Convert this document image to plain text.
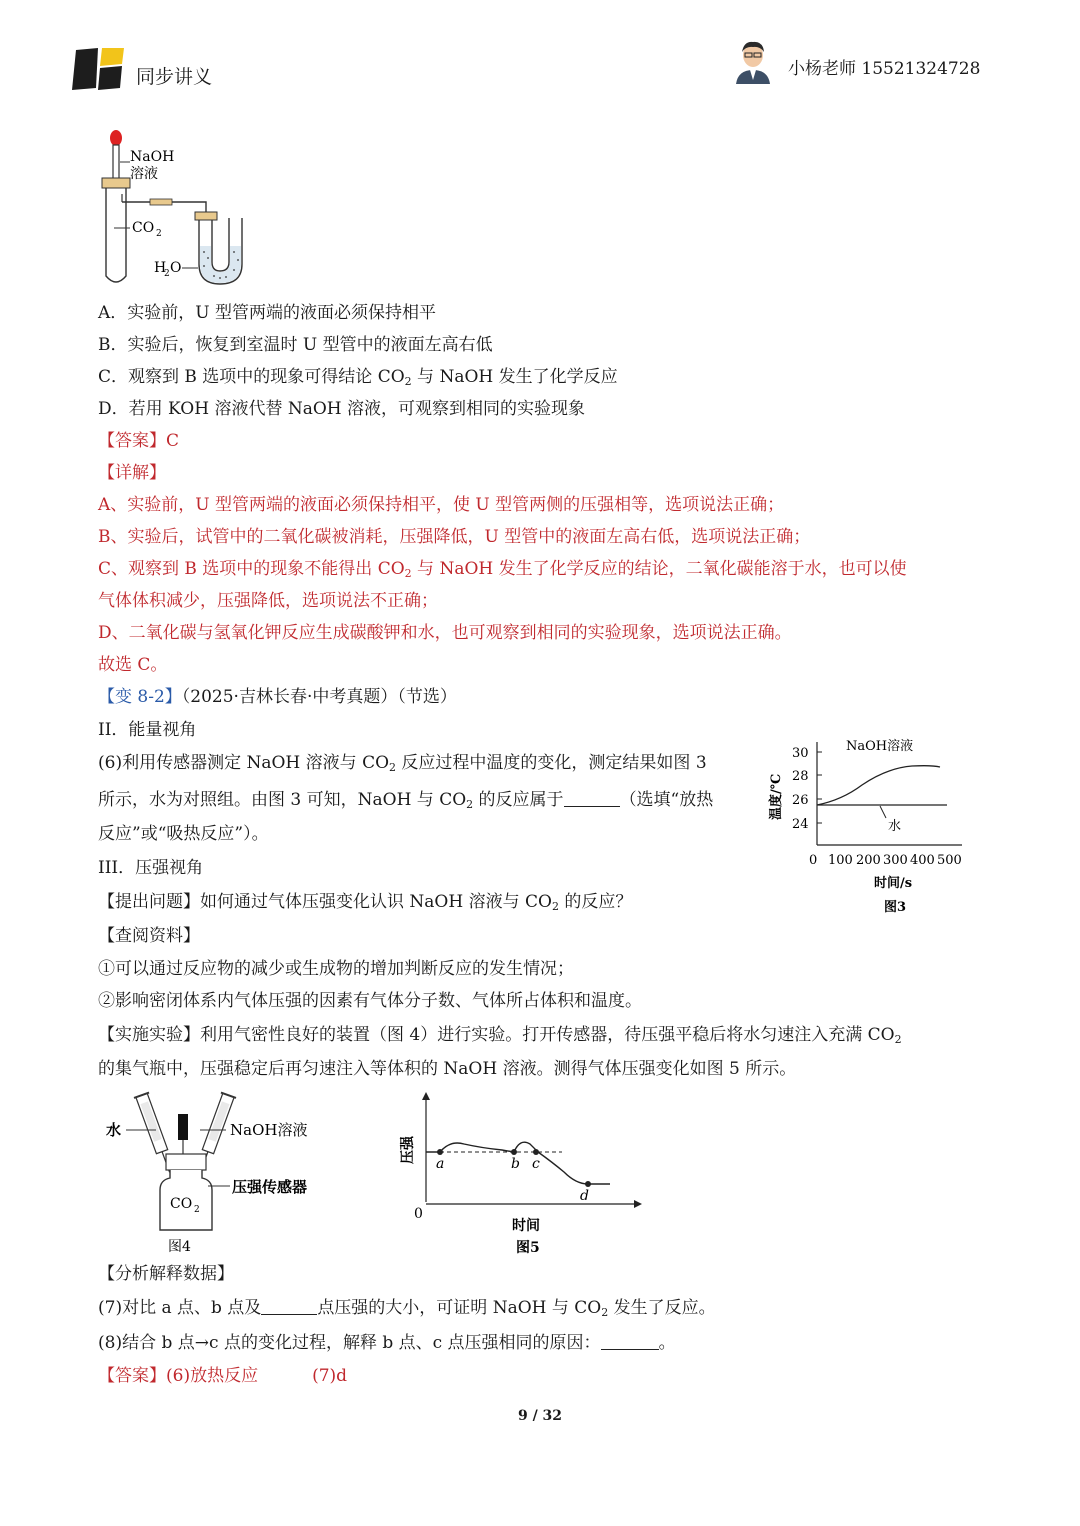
同步讲义	小杨老师 15521324728
NaOH
溶液
CO 2
H
2 O
A．实验前，U 型管两端的液面必须保持相平
B．实验后，恢复到室温时 U 型管中的液面左高右低
C．观察到 B 选项中的现象可得结论 $CO_2$ 与 NaOH 发生了化学反应
D．若用 KOH 溶液代替 NaOH 溶液，可观察到相同的实验现象
【答案】C
【详解】
A、实验前，U 型管两端的液面必须保持相平，使 U 型管两侧的压强相等，选项说法正确；
B、实验后，试管中的二氧化碳被消耗，压强降低，U 型管中的液面左高右低，选项说法正确；
C、观察到 B 选项中的现象不能得出 $CO_2$ 与 NaOH 发生了化学反应的结论，二氧化碳能溶于水，也可以使
气体体积减少，压强降低，选项说法不正确；
D、二氧化碳与氢氧化钾反应生成碳酸钾和水，也可观察到相同的实验现象，选项说法正确。
故选 C。
【变 8-2】（2025·吉林长春·中考真题）（节选）
II．能量视角
(6)利用传感器测定 NaOH 溶液与 $CO_2$ 反应过程中温度的变化，测定结果如图 3
所示，水为对照组。由图 3 可知，NaOH 与 $CO_2$ 的反应属于	（选填“放热
反应”或“吸热反应”）。
30
28
26
24
0 100 200 300 400 500
NaOH溶液
水
温度/℃
时间/s
图3
III．压强视角
【提出问题】如何通过气体压强变化认识 NaOH 溶液与 $CO_2$ 的反应？
【查阅资料】
①可以通过反应物的减少或生成物的增加判断反应的发生情况；
②影响密闭体系内气体压强的因素有气体分子数、气体所占体积和温度。
【实施实验】利用气密性良好的装置（图 4）进行实验。打开传感器，待压强平稳后将水匀速注入充满 $CO_2$
的集气瓶中，压强稳定后再匀速注入等体积的 NaOH 溶液。测得气体压强变化如图 5 所示。
水	NaOH溶液
压强传感器
CO 2
图4
a	b c
d
0
压强
时间
图5
【分析解释数据】
(7)对比 a 点、b 点及	点压强的大小，可证明 NaOH 与 $CO_2$ 发生了反应。
(8)结合 b 点→c 点的变化过程，解释 b 点、c 点压强相同的原因：	。
【答案】(6)放热反应	(7)d
9 / 32
